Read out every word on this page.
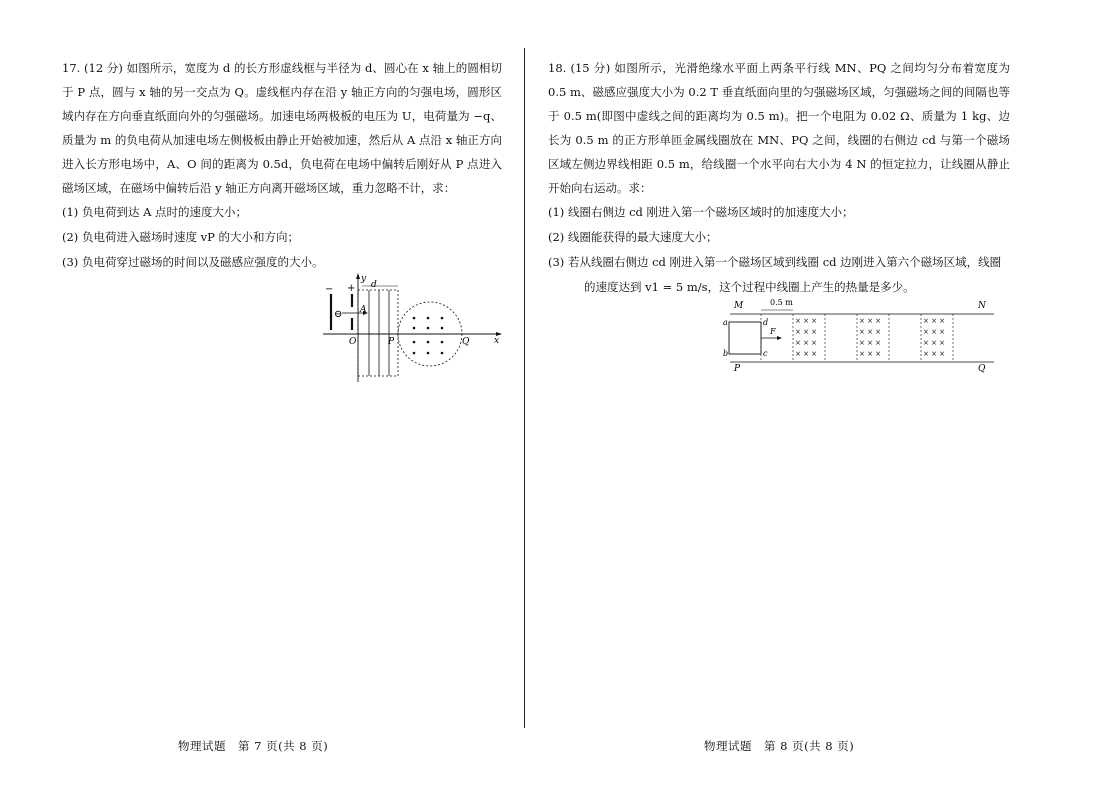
17. (12 分) 如图所示，宽度为 d 的长方形虚线框与半径为 d、圆心在 x 轴上的圆相切于 P 点，圆与 x 轴的另一交点为 Q。虚线框内存在沿 y 轴正方向的匀强电场，圆形区域内存在方向垂直纸面向外的匀强磁场。加速电场两极板的电压为 U，电荷量为 −q、质量为 m 的负电荷从加速电场左侧极板由静止开始被加速，然后从 A 点沿 x 轴正方向进入长方形电场中，A、O 间的距离为 0.5d，负电荷在电场中偏转后刚好从 P 点进入磁场区域，在磁场中偏转后沿 y 轴正方向离开磁场区域，重力忽略不计，求：

(1) 负电荷到达 A 点时的速度大小；

(2) 负电荷进入磁场时速度 vP 的大小和方向；

(3) 负电荷穿过磁场的时间以及磁感应强度的大小。

− +
⊖
y
A
x
O
d
P	Q

18. (15 分) 如图所示，光滑绝缘水平面上两条平行线 MN、PQ 之间均匀分布着宽度为 0.5 m、磁感应强度大小为 0.2 T 垂直纸面向里的匀强磁场区域，匀强磁场之间的间隔也等于 0.5 m(即图中虚线之间的距离均为 0.5 m)。把一个电阻为 0.02 Ω、质量为 1 kg、边长为 0.5 m 的正方形单匝金属线圈放在 MN、PQ 之间，线圈的右侧边 cd 与第一个磁场区域左侧边界线相距 0.5 m，给线圈一个水平向右大小为 4 N 的恒定拉力，让线圈从静止开始向右运动。求：

(1) 线圈右侧边 cd 刚进入第一个磁场区域时的加速度大小；

(2) 线圈能获得的最大速度大小；

(3) 若从线圈右侧边 cd 刚进入第一个磁场区域到线圈 cd 边刚进入第六个磁场区域，线圈

的速度达到 v1 = 5 m/s，这个过程中线圈上产生的热量是多少。

M	N
P	Q
a
b
d
c
F
0.5 m
× × ×
× × ×
× × ×
× × ×
× × ×
× × ×
× × ×
× × ×
× × ×
× × ×
× × ×
× × ×
物理试题　第 7 页(共 8 页)	物理试题　第 8 页(共 8 页)
